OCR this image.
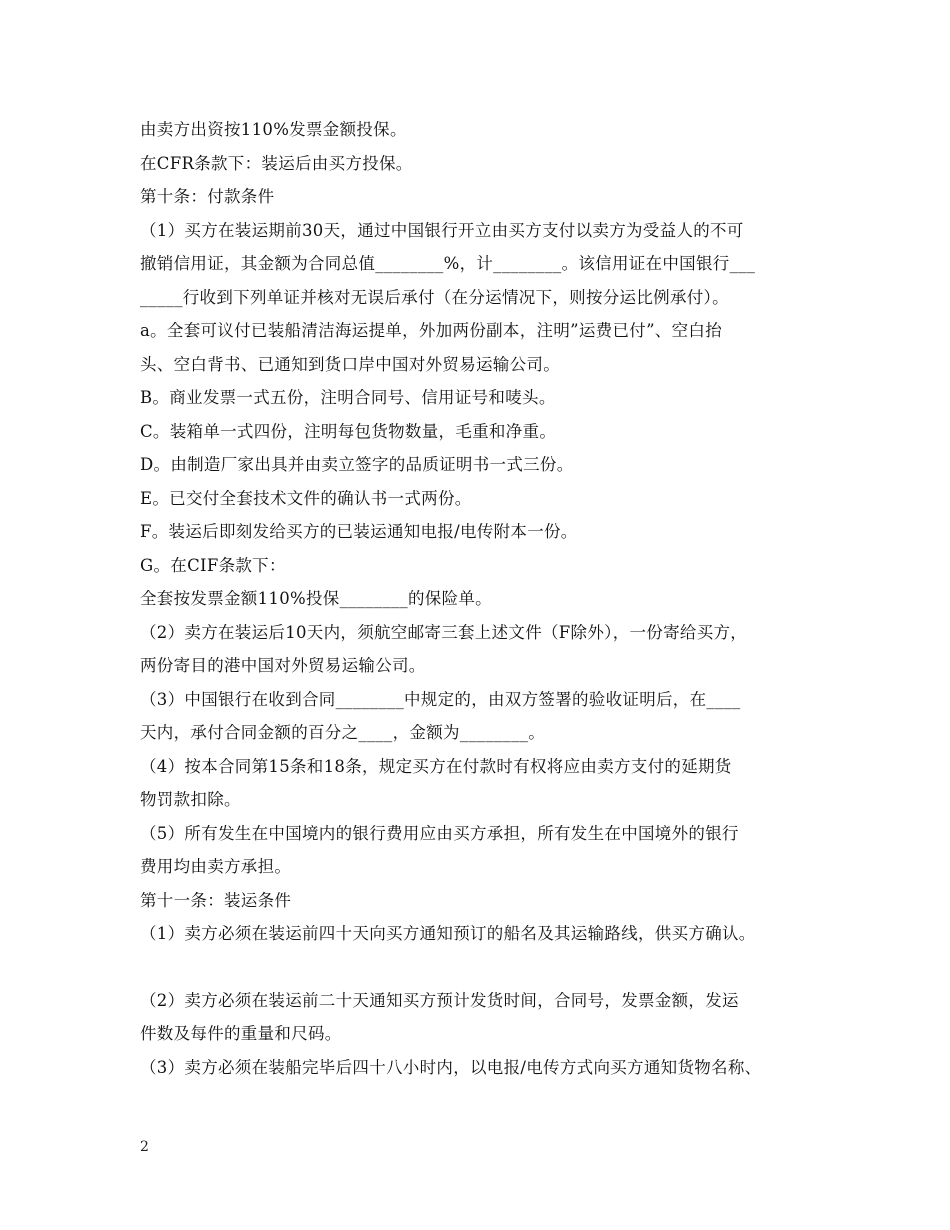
由卖方出资按110%发票金额投保。
在CFR条款下：装运后由买方投保。
第十条：付款条件
（1）买方在装运期前30天，通过中国银行开立由买方支付以卖方为受益人的不可
撤销信用证，其金额为合同总值________%，计________。该信用证在中国银行___
_____行收到下列单证并核对无误后承付（在分运情况下，则按分运比例承付）。
a。全套可议付已装船清洁海运提单，外加两份副本，注明”运费已付”、空白抬
头、空白背书、已通知到货口岸中国对外贸易运输公司。
B。商业发票一式五份，注明合同号、信用证号和唛头。
C。装箱单一式四份，注明每包货物数量，毛重和净重。
D。由制造厂家出具并由卖立签字的品质证明书一式三份。
E。已交付全套技术文件的确认书一式两份。
F。装运后即刻发给买方的已装运通知电报/电传附本一份。
G。在CIF条款下：
全套按发票金额110%投保________的保险单。
（2）卖方在装运后10天内，须航空邮寄三套上述文件（F除外），一份寄给买方，
两份寄目的港中国对外贸易运输公司。
（3）中国银行在收到合同________中规定的，由双方签署的验收证明后，在____
天内，承付合同金额的百分之____，金额为________。
（4）按本合同第15条和18条，规定买方在付款时有权将应由卖方支付的延期货
物罚款扣除。
（5）所有发生在中国境内的银行费用应由买方承担，所有发生在中国境外的银行
费用均由卖方承担。
第十一条：装运条件
（1）卖方必须在装运前四十天向买方通知预订的船名及其运输路线，供买方确认。
（2）卖方必须在装运前二十天通知买方预计发货时间，合同号，发票金额，发运
件数及每件的重量和尺码。
（3）卖方必须在装船完毕后四十八小时内，以电报/电传方式向买方通知货物名称、
2
